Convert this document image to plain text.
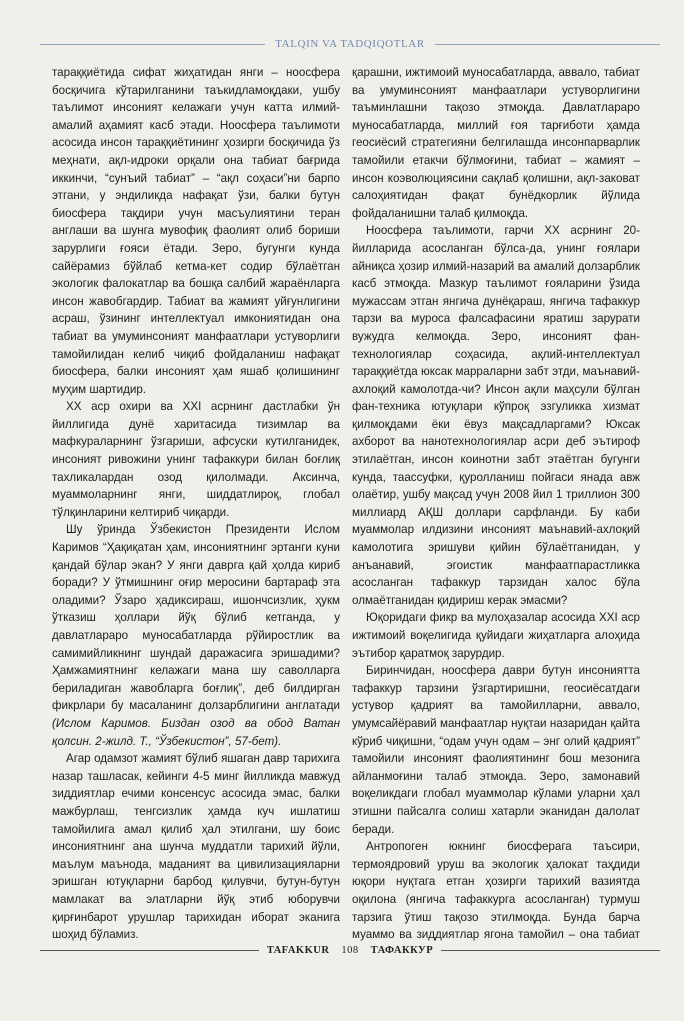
TALQIN VA TADQIQOTLAR

тараққиётида сифат жиҳатидан янги – ноосфера босқичига кўтарилганини таъкидламоқдаки, ушбу таълимот инсоният келажаги учун катта илмий-амалий аҳамият касб этади. Ноосфера таълимоти асосида инсон тараққиётининг ҳозирги босқичида ўз меҳнати, ақл-идроки орқали она табиат бағрида иккинчи, “сунъий табиат” – “ақл соҳаси”ни барпо этгани, у эндиликда нафақат ўзи, балки бутун биосфера тақдири учун масъулиятини теран англаши ва шунга мувофиқ фаолият олиб бориши зарурлиги ғояси ётади. Зеро, бугунги кунда сайёрамиз бўйлаб кетма-кет содир бўлаётган экологик фалокатлар ва бошқа салбий жараёнларга инсон жавобгардир. Табиат ва жамият уйғунлигини асраш, ўзининг интеллектуал имкониятидан она табиат ва умуминсоният манфаатлари устуворлиги тамойилидан келиб чиқиб фойдаланиш нафақат биосфера, балки инсоният ҳам яшаб қолишининг муҳим шартидир.

XX аср охири ва XXI асрнинг дастлабки ўн йиллигида дунё харитасида тизимлар ва мафкураларнинг ўзгариши, афсуски кутилганидек, инсоният ривожини унинг тафаккури билан боғлиқ тахликалардан озод қилолмади. Аксинча, муаммоларнинг янги, шиддатлироқ, глобал тўлқинларини келтириб чиқарди.

Шу ўринда Ўзбекистон Президенти Ислом Каримов “Ҳақиқатан ҳам, инсониятнинг эртанги куни қандай бўлар экан? У янги даврга қай ҳолда кириб боради? У ўтмишнинг оғир меросини бартараф эта оладими? Ўзаро ҳадиксираш, ишончсизлик, ҳукм ўтказиш ҳоллари йўқ бўлиб кетганда, у давлатлараро муносабатларда рўйиростлик ва самимийликнинг шундай даражасига эришадими? Ҳамжамиятнинг келажаги мана шу саволларга бериладиган жавобларга боғлиқ”, деб билдирган фикрлари бу масаланинг долзарблигини англатади (Ислом Каримов. Биздан озод ва обод Ватан қолсин. 2-жилд. Т., “Ўзбекистон”, 57-бет).

Агар одамзот жамият бўлиб яшаган давр тарихига назар ташласак, кейинги 4-5 минг йилликда мавжуд зиддиятлар ечими консенсус асосида эмас, балки мажбурлаш, тенгсизлик ҳамда куч ишлатиш тамойилига амал қилиб ҳал этилгани, шу боис инсониятнинг ана шунча муддатли тарихий йўли, маълум маънода, маданият ва цивилизацияларни эришган ютуқларни барбод қилувчи, бутун-бутун мамлакат ва элатларни йўқ этиб юборувчи қирғинбарот урушлар тарихидан иборат эканига шоҳид бўламиз.

қарашни, ижтимоий муносабатларда, аввало, табиат ва умуминсоният манфаатлари устуворлигини таъминлашни тақозо этмоқда. Давлатлараро муносабатларда, миллий ғоя тарғиботи ҳамда геосиёсий стратегияни белгилашда инсонпарварлик тамойили етакчи бўлмоғини, табиат – жамият – инсон коэволюциясини сақлаб қолишни, ақл-заковат салоҳиятидан фақат бунёдкорлик йўлида фойдаланишни талаб қилмоқда.

Ноосфера таълимоти, гарчи XX асрнинг 20-йилларида асосланган бўлса-да, унинг ғоялари айниқса ҳозир илмий-назарий ва амалий долзарблик касб этмоқда. Мазкур таълимот ғояларини ўзида мужассам этган янгича дунёқараш, янгича тафаккур тарзи ва муроса фалсафасини яратиш зарурати вужудга келмоқда. Зеро, инсоният фан-технологиялар соҳасида, ақлий-интеллектуал тараққиётда юксак марраларни забт этди, маънавий-ахлоқий камолотда-чи? Инсон ақли маҳсули бўлган фан-техника ютуқлари кўпроқ эзгуликка хизмат қилмоқдами ёки ёвуз мақсадларгами? Юксак ахборот ва нанотехнологиялар асри деб эътироф этилаётган, инсон коинотни забт этаётган бугунги кунда, таассуфки, қуролланиш пойгаси янада авж олаётир, ушбу мақсад учун 2008 йил 1 триллион 300 миллиард АҚШ доллари сарфланди. Бу каби муаммолар илдизини инсоният маънавий-ахлоқий камолотига эришуви қийин бўлаётганидан, у анъанавий, эгоистик манфаатпарастликка асосланган тафаккур тарзидан халос бўла олмаётганидан қидириш керак эмасми?

Юқоридаги фикр ва мулоҳазалар асосида XXI аср ижтимоий воқелигида қуйидаги жиҳатларга алоҳида эътибор қаратмоқ зарурдир.

Биринчидан, ноосфера даври бутун инсониятта тафаккур тарзини ўзгартиришни, геосиёсатдаги устувор қадрият ва тамойилларни, аввало, умумсайёравий манфаатлар нуқтаи назаридан қайта кўриб чиқишни, “одам учун одам – энг олий қадрият” тамойили инсоният фаолиятининг бош мезонига айланмоғини талаб этмоқда. Зеро, замонавий воқеликдаги глобал муаммолар кўлами уларни ҳал этишни пайсалга солиш хатарли эканидан далолат беради.

Антропоген юкнинг биосферага таъсири, термоядровий уруш ва экологик ҳалокат таҳдиди юқори нуқтага етган ҳозирги тарихий вазиятда оқилона (янгича тафаккурга асосланган) турмуш тарзига ўтиш тақозо этилмоқда. Бунда барча муаммо ва зиддиятлар ягона тамойил – она табиат

TAFAKKUR	108	ТАФАККУР
